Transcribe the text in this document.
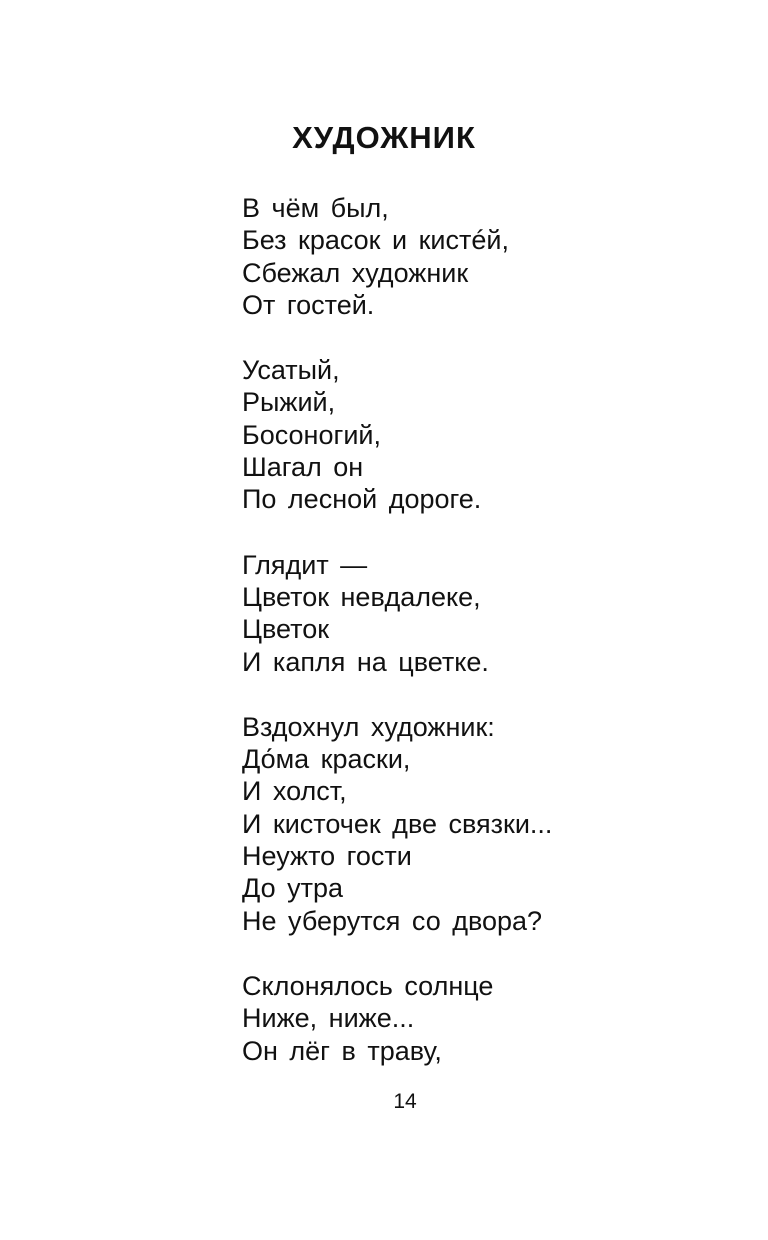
ХУДОЖНИК
В чём был,
Без красок и кистéй,
Сбежал художник
От гостей.
Усатый,
Рыжий,
Босоногий,
Шагал он
По лесной дороге.
Глядит —
Цветок невдалеке,
Цветок
И капля на цветке.
Вздохнул художник:
До́ма краски,
И холст,
И кисточек две связки...
Неужто гости
До утра
Не уберутся со двора?
Склонялось солнце
Ниже, ниже...
Он лёг в траву,
14
